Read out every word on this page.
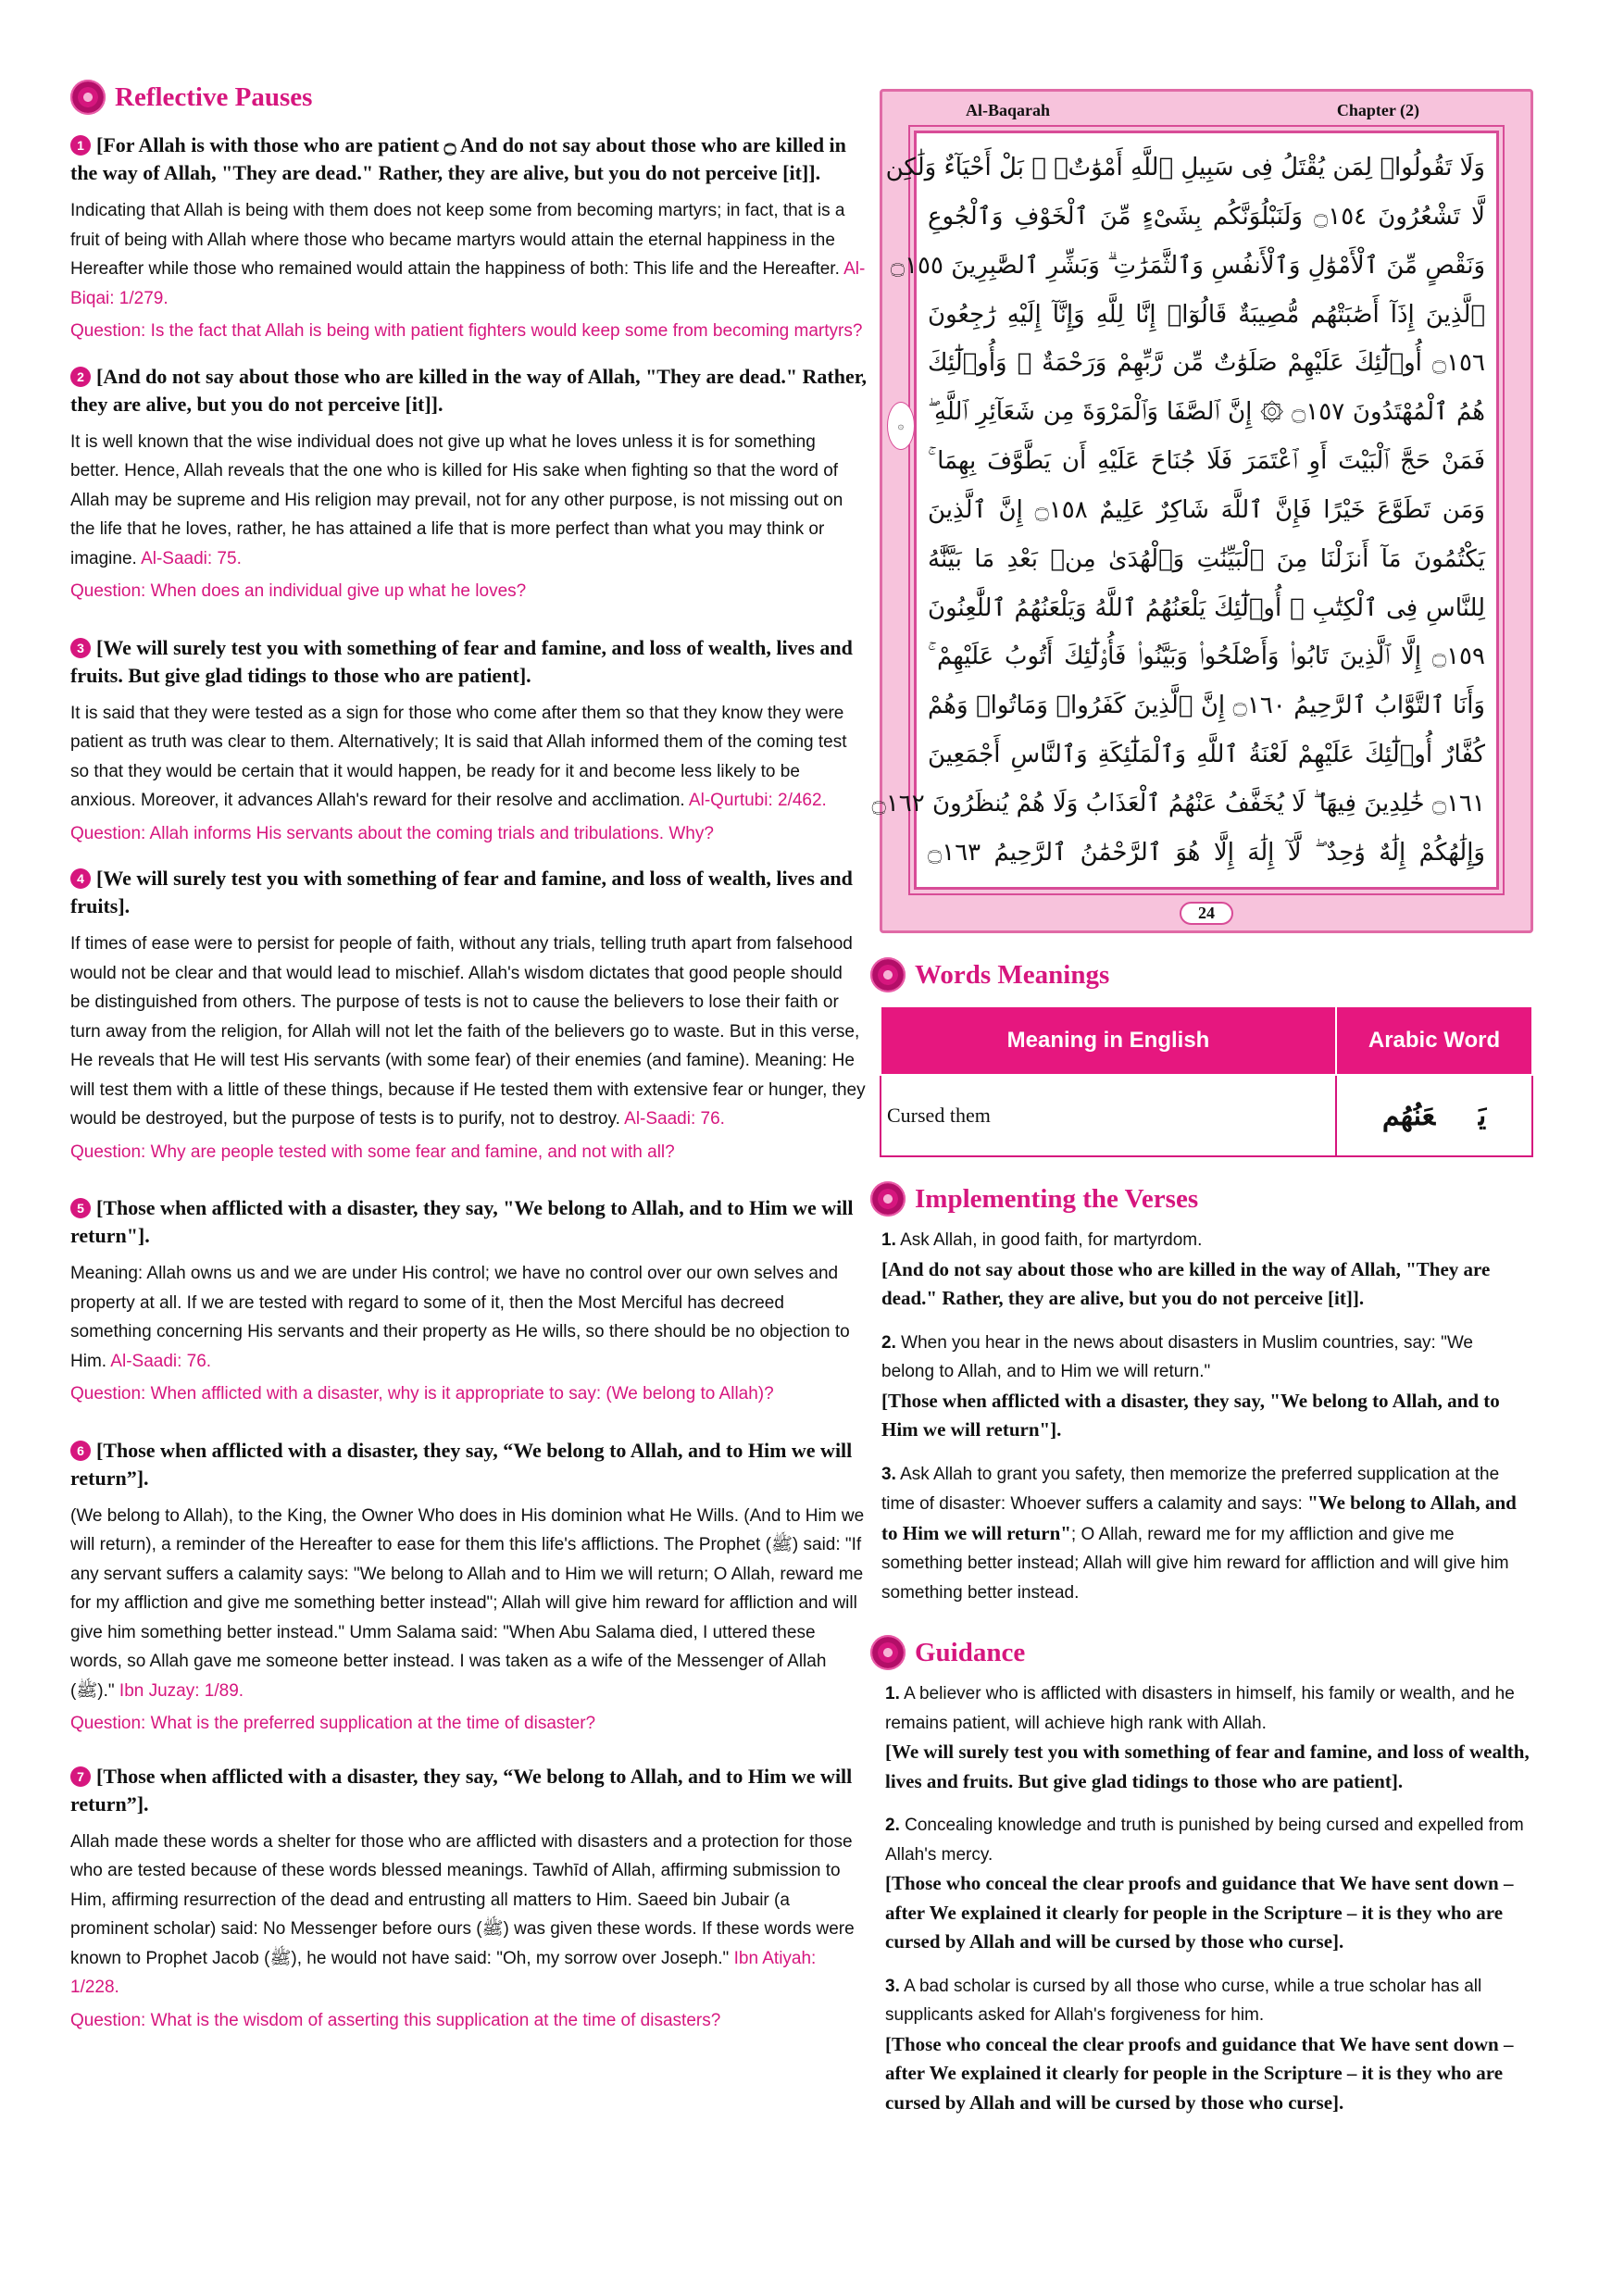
Reflective Pauses
1 [For Allah is with those who are patient ۝ And do not say about those who are killed in the way of Allah, "They are dead." Rather, they are alive, but you do not perceive [it]].
Indicating that Allah is being with them does not keep some from becoming martyrs; in fact, that is a fruit of being with Allah where those who became martyrs would attain the eternal happiness in the Hereafter while those who remained would attain the happiness of both: This life and the Hereafter. Al-Biqai: 1/279.
Question: Is the fact that Allah is being with patient fighters would keep some from becoming martyrs?
2 [And do not say about those who are killed in the way of Allah, "They are dead." Rather, they are alive, but you do not perceive [it]].
It is well known that the wise individual does not give up what he loves unless it is for something better. Hence, Allah reveals that the one who is killed for His sake when fighting so that the word of Allah may be supreme and His religion may prevail, not for any other purpose, is not missing out on the life that he loves, rather, he has attained a life that is more perfect than what you may think or imagine. Al-Saadi: 75.
Question: When does an individual give up what he loves?
3 [We will surely test you with something of fear and famine, and loss of wealth, lives and fruits. But give glad tidings to those who are patient].
It is said that they were tested as a sign for those who come after them so that they know they were patient as truth was clear to them. Alternatively; It is said that Allah informed them of the coming test so that they would be certain that it would happen, be ready for it and become less likely to be anxious. Moreover, it advances Allah's reward for their resolve and acclimation. Al-Qurtubi: 2/462.
Question: Allah informs His servants about the coming trials and tribulations. Why?
4 [We will surely test you with something of fear and famine, and loss of wealth, lives and fruits].
If times of ease were to persist for people of faith, without any trials, telling truth apart from falsehood would not be clear and that would lead to mischief. Allah's wisdom dictates that good people should be distinguished from others. The purpose of tests is not to cause the believers to lose their faith or turn away from the religion, for Allah will not let the faith of the believers go to waste. But in this verse, He reveals that He will test His servants (with some fear) of their enemies (and famine). Meaning: He will test them with a little of these things, because if He tested them with extensive fear or hunger, they would be destroyed, but the purpose of tests is to purify, not to destroy. Al-Saadi: 76.
Question: Why are people tested with some fear and famine, and not with all?
5 [Those when afflicted with a disaster, they say, "We belong to Allah, and to Him we will return"].
Meaning: Allah owns us and we are under His control; we have no control over our own selves and property at all. If we are tested with regard to some of it, then the Most Merciful has decreed something concerning His servants and their property as He wills, so there should be no objection to Him. Al-Saadi: 76.
Question: When afflicted with a disaster, why is it appropriate to say: (We belong to Allah)?
6 [Those when afflicted with a disaster, they say, “We belong to Allah, and to Him we will return”].
(We belong to Allah), to the King, the Owner Who does in His dominion what He Wills. (And to Him we will return), a reminder of the Hereafter to ease for them this life's afflictions. The Prophet (ﷺ) said: "If any servant suffers a calamity says: "We belong to Allah and to Him we will return; O Allah, reward me for my affliction and give me something better instead"; Allah will give him reward for affliction and will give him something better instead." Umm Salama said: "When Abu Salama died, I uttered these words, so Allah gave me someone better instead. I was taken as a wife of the Messenger of Allah (ﷺ)." Ibn Juzay: 1/89.
Question: What is the preferred supplication at the time of disaster?
7 [Those when afflicted with a disaster, they say, “We belong to Allah, and to Him we will return”].
Allah made these words a shelter for those who are afflicted with disasters and a protection for those who are tested because of these words blessed meanings. Tawhīd of Allah, affirming submission to Him, affirming resurrection of the dead and entrusting all matters to Him. Saeed bin Jubair (a prominent scholar) said: No Messenger before ours (ﷺ) was given these words. If these words were known to Prophet Jacob (ﷺ), he would not have said: "Oh, my sorrow over Joseph." Ibn Atiyah: 1/228.
Question: What is the wisdom of asserting this supplication at the time of disasters?
Al-Baqarah	Chapter (2)
۞
وَلَا تَقُولُوا۟ لِمَن يُقْتَلُ فِى سَبِيلِ ٱللَّهِ أَمْوَٰتٌۢ ۚ بَلْ أَحْيَآءٌ وَلَٰكِن
لَّا تَشْعُرُونَ ۝١٥٤ وَلَنَبْلُوَنَّكُم بِشَىْءٍ مِّنَ ٱلْخَوْفِ وَٱلْجُوعِ
وَنَقْصٍ مِّنَ ٱلْأَمْوَٰلِ وَٱلْأَنفُسِ وَٱلثَّمَرَٰتِ ۗ وَبَشِّرِ ٱلصَّٰبِرِينَ ۝١٥٥
ٱلَّذِينَ إِذَآ أَصَٰبَتْهُم مُّصِيبَةٌ قَالُوٓا۟ إِنَّا لِلَّهِ وَإِنَّآ إِلَيْهِ رَٰجِعُونَ
۝١٥٦ أُو۟لَٰٓئِكَ عَلَيْهِمْ صَلَوَٰتٌ مِّن رَّبِّهِمْ وَرَحْمَةٌ ۖ وَأُو۟لَٰٓئِكَ
هُمُ ٱلْمُهْتَدُونَ ۝١٥٧ ۞ إِنَّ ٱلصَّفَا وَٱلْمَرْوَةَ مِن شَعَآئِرِ ٱللَّهِ ۖ
فَمَنْ حَجَّ ٱلْبَيْتَ أَوِ ٱعْتَمَرَ فَلَا جُنَاحَ عَلَيْهِ أَن يَطَّوَّفَ بِهِمَا ۚ
وَمَن تَطَوَّعَ خَيْرًا فَإِنَّ ٱللَّهَ شَاكِرٌ عَلِيمٌ ۝١٥٨ إِنَّ ٱلَّذِينَ
يَكْتُمُونَ مَآ أَنزَلْنَا مِنَ ٱلْبَيِّنَٰتِ وَٱلْهُدَىٰ مِنۢ بَعْدِ مَا بَيَّنَّٰهُ
لِلنَّاسِ فِى ٱلْكِتَٰبِ ۙ أُو۟لَٰٓئِكَ يَلْعَنُهُمُ ٱللَّهُ وَيَلْعَنُهُمُ ٱللَّٰعِنُونَ
۝١٥٩ إِلَّا ٱلَّذِينَ تَابُوا۟ وَأَصْلَحُوا۟ وَبَيَّنُوا۟ فَأُو۟لَٰٓئِكَ أَتُوبُ عَلَيْهِمْ ۚ
وَأَنَا ٱلتَّوَّابُ ٱلرَّحِيمُ ۝١٦٠ إِنَّ ٱلَّذِينَ كَفَرُوا۟ وَمَاتُوا۟ وَهُمْ
كُفَّارٌ أُو۟لَٰٓئِكَ عَلَيْهِمْ لَعْنَةُ ٱللَّهِ وَٱلْمَلَٰٓئِكَةِ وَٱلنَّاسِ أَجْمَعِينَ
۝١٦١ خَٰلِدِينَ فِيهَا ۖ لَا يُخَفَّفُ عَنْهُمُ ٱلْعَذَابُ وَلَا هُمْ يُنظَرُونَ ۝١٦٢
وَإِلَٰهُكُمْ إِلَٰهٌ وَٰحِدٌ ۖ لَّآ إِلَٰهَ إِلَّا هُوَ ٱلرَّحْمَٰنُ ٱلرَّحِيمُ ۝١٦٣
24
Words Meanings
Meaning in English	Arabic Word
Cursed them	يَلۡعَنُهُم
Implementing the Verses
1. Ask Allah, in good faith, for martyrdom.
[And do not say about those who are killed in the way of Allah, "They are dead." Rather, they are alive, but you do not perceive [it]].
2. When you hear in the news about disasters in Muslim countries, say: "We belong to Allah, and to Him we will return."
[Those when afflicted with a disaster, they say, "We belong to Allah, and to Him we will return"].
3. Ask Allah to grant you safety, then memorize the preferred supplication at the time of disaster: Whoever suffers a calamity and says: "We belong to Allah, and to Him we will return"; O Allah, reward me for my affliction and give me something better instead; Allah will give him reward for affliction and will give him something better instead.
Guidance
1. A believer who is afflicted with disasters in himself, his family or wealth, and he remains patient, will achieve high rank with Allah.
[We will surely test you with something of fear and famine, and loss of wealth, lives and fruits. But give glad tidings to those who are patient].
2. Concealing knowledge and truth is punished by being cursed and expelled from Allah's mercy.
[Those who conceal the clear proofs and guidance that We have sent down – after We explained it clearly for people in the Scripture – it is they who are cursed by Allah and will be cursed by those who curse].
3. A bad scholar is cursed by all those who curse, while a true scholar has all supplicants asked for Allah's forgiveness for him.
[Those who conceal the clear proofs and guidance that We have sent down – after We explained it clearly for people in the Scripture – it is they who are cursed by Allah and will be cursed by those who curse].
